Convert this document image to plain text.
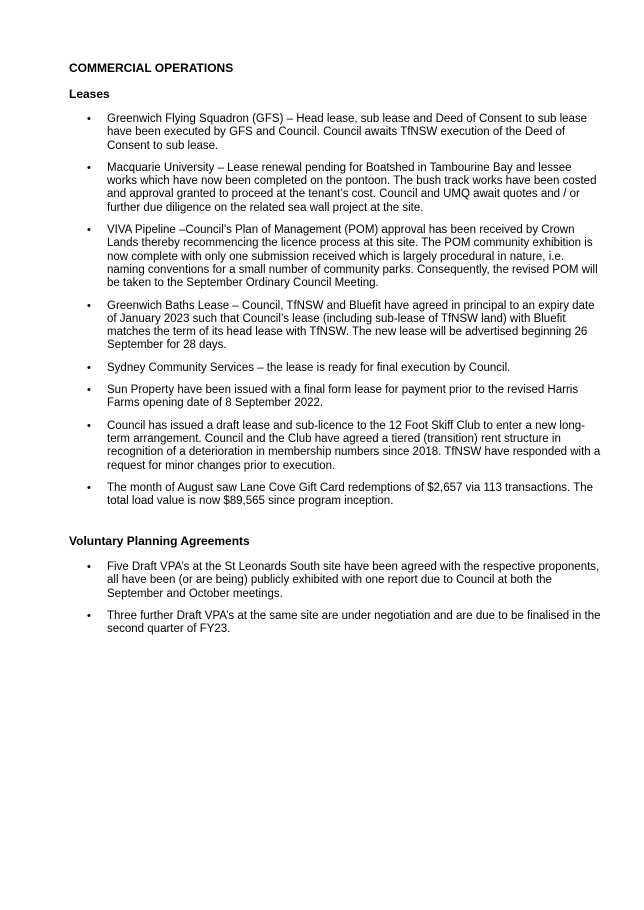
COMMERCIAL OPERATIONS

Leases

• Greenwich Flying Squadron (GFS) – Head lease, sub lease and Deed of Consent to sub lease have been executed by GFS and Council. Council awaits TfNSW execution of the Deed of Consent to sub lease.
• Macquarie University – Lease renewal pending for Boatshed in Tambourine Bay and lessee works which have now been completed on the pontoon. The bush track works have been costed and approval granted to proceed at the tenant’s cost. Council and UMQ await quotes and / or further due diligence on the related sea wall project at the site.
• VIVA Pipeline –Council’s Plan of Management (POM) approval has been received by Crown Lands thereby recommencing the licence process at this site. The POM community exhibition is now complete with only one submission received which is largely procedural in nature, i.e. naming conventions for a small number of community parks. Consequently, the revised POM will be taken to the September Ordinary Council Meeting.
• Greenwich Baths Lease – Council, TfNSW and Bluefit have agreed in principal to an expiry date of January 2023 such that Council’s lease (including sub-lease of TfNSW land) with Bluefit matches the term of its head lease with TfNSW. The new lease will be advertised beginning 26 September for 28 days.
• Sydney Community Services – the lease is ready for final execution by Council.
• Sun Property have been issued with a final form lease for payment prior to the revised Harris Farms opening date of 8 September 2022.
• Council has issued a draft lease and sub-licence to the 12 Foot Skiff Club to enter a new long-term arrangement. Council and the Club have agreed a tiered (transition) rent structure in recognition of a deterioration in membership numbers since 2018. TfNSW have responded with a request for minor changes prior to execution.
• The month of August saw Lane Cove Gift Card redemptions of $2,657 via 113 transactions. The total load value is now $89,565 since program inception.

Voluntary Planning Agreements

• Five Draft VPA’s at the St Leonards South site have been agreed with the respective proponents, all have been (or are being) publicly exhibited with one report due to Council at both the September and October meetings.
• Three further Draft VPA’s at the same site are under negotiation and are due to be finalised in the second quarter of FY23.
